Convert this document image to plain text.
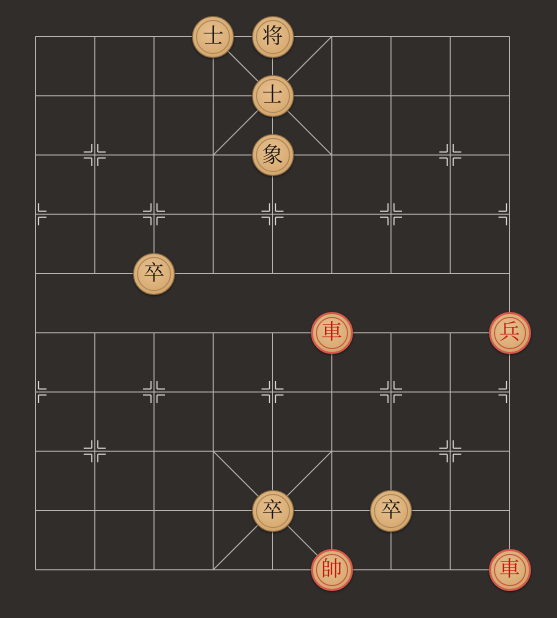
士 将
士
象
卒
車	兵
卒	卒
帥	車
